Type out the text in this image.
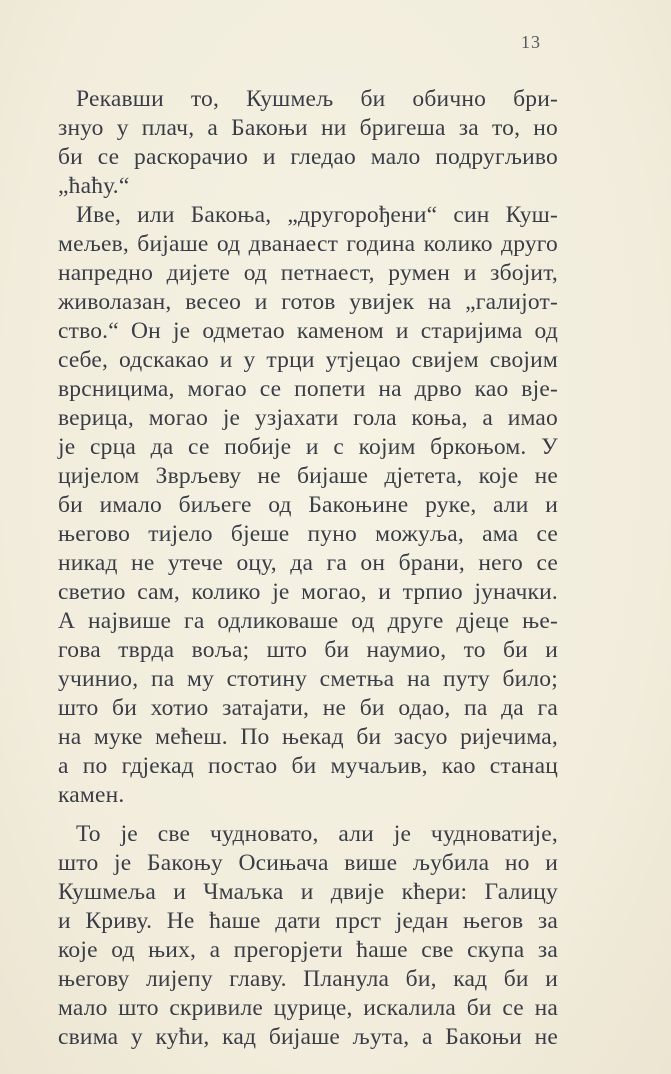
13
Рекавши то, Кушмељ би обично бри-
знуо у плач, а Бакоњи ни бригеша за то, но
би се раскорачио и гледао мало подругљиво
„ћаћу.“
Иве, или Бакоња, „другорођени“ син Куш-
мељев, бијаше од дванаест година колико друго
напредно дијете од петнаест, румен и збојит,
живолазан, весео и готов увијек на „галијот-
ство.“ Он је одметао каменом и старијима од
себе, одскакао и у трци утјецао свијем својим
врсницима, могао се попети на дрво као вје-
верица, могао је узјахати гола коња, а имао
је срца да се побије и с којим бркоњом. У
цијелом Зврљеву не бијаше дјетета, које не
би имало биљеге од Бакоњине руке, али и
његово тијело бјеше пуно можуља, ама се
никад не утече оцу, да га он брани, него се
светио сам, колико је могао, и трпио јуначки.
А највише га одликоваше од друге дјеце ње-
гова тврда воља; што би наумио, то би и
учинио, па му стотину сметња на путу било;
што би хотио затајати, не би одао, па да га
на муке мећеш. По њекад би засуо ријечима,
а по гдјекад постао би мучаљив, као станац
камен.
То је све чудновато, али је чудноватије,
што је Бакоњу Осињача више љубила но и
Кушмеља и Чмаљка и двије кћери: Галицу
и Криву. Не ћаше дати прст један његов за
које од њих, а прегорјети ћаше све скупа за
његову лијепу главу. Планула би, кад би и
мало што скривиле цурице, искалила би се на
свима у кући, кад бијаше љута, а Бакоњи не
